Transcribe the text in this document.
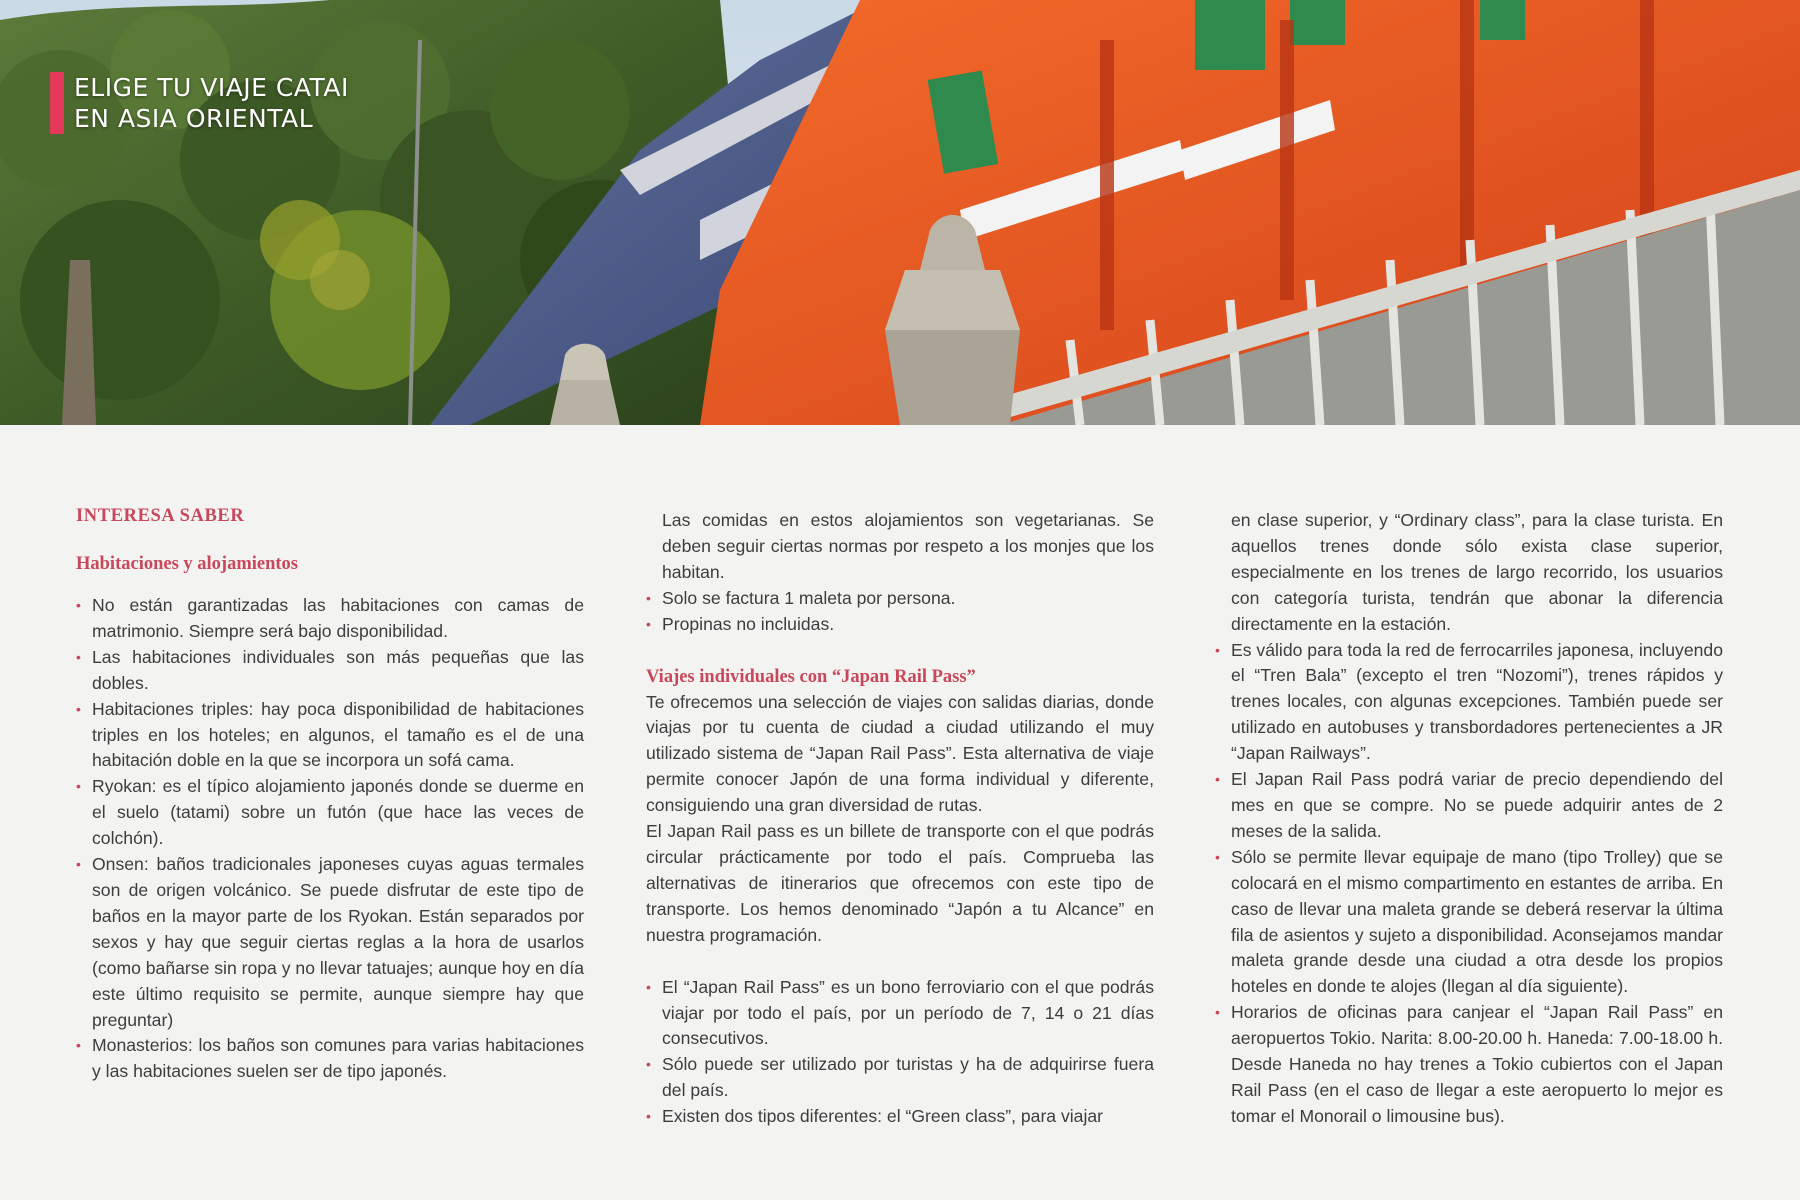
ELIGE TU VIAJE CATAI
EN ASIA ORIENTAL
INTERESA SABER
Habitaciones y alojamientos
• No están garantizadas las habitaciones con camas de matrimonio. Siempre será bajo disponibilidad.
• Las habitaciones individuales son más pequeñas que las dobles.
• Habitaciones triples: hay poca disponibilidad de habitaciones triples en los hoteles; en algunos, el tamaño es el de una habitación doble en la que se incorpora un sofá cama.
• Ryokan: es el típico alojamiento japonés donde se duerme en el suelo (tatami) sobre un futón (que hace las veces de colchón).
• Onsen: baños tradicionales japoneses cuyas aguas termales son de origen volcánico. Se puede disfrutar de este tipo de baños en la mayor parte de los Ryokan. Están separados por sexos y hay que seguir ciertas reglas a la hora de usarlos (como bañarse sin ropa y no llevar tatuajes; aunque hoy en día este último requisito se permite, aunque siempre hay que preguntar)
• Monasterios: los baños son comunes para varias habitaciones y las habitaciones suelen ser de tipo japonés.

Las comidas en estos alojamientos son vegetarianas. Se deben seguir ciertas normas por respeto a los monjes que los habitan.

• Solo se factura 1 maleta por persona.
• Propinas no incluidas.
Viajes individuales con “Japan Rail Pass”

Te ofrecemos una selección de viajes con salidas diarias, donde viajas por tu cuenta de ciudad a ciudad utilizando el muy utilizado sistema de “Japan Rail Pass”. Esta alternativa de viaje permite conocer Japón de una forma individual y diferente, consiguiendo una gran diversidad de rutas.

El Japan Rail pass es un billete de transporte con el que podrás circular prácticamente por todo el país. Comprueba las alternativas de itinerarios que ofrecemos con este tipo de transporte. Los hemos denominado “Japón a tu Alcance” en nuestra programación.

• El “Japan Rail Pass” es un bono ferroviario con el que podrás viajar por todo el país, por un período de 7, 14 o 21 días consecutivos.
• Sólo puede ser utilizado por turistas y ha de adquirirse fuera del país.
• Existen dos tipos diferentes: el “Green class”, para viajar

en clase superior, y “Ordinary class”, para la clase turista. En aquellos trenes donde sólo exista clase superior, especialmente en los trenes de largo recorrido, los usuarios con categoría turista, tendrán que abonar la diferencia directamente en la estación.

• Es válido para toda la red de ferrocarriles japonesa, incluyendo el “Tren Bala” (excepto el tren “Nozomi”), trenes rápidos y trenes locales, con algunas excepciones. También puede ser utilizado en autobuses y transbordadores pertenecientes a JR “Japan Railways”.
• El Japan Rail Pass podrá variar de precio dependiendo del mes en que se compre. No se puede adquirir antes de 2 meses de la salida.
• Sólo se permite llevar equipaje de mano (tipo Trolley) que se colocará en el mismo compartimento en estantes de arriba. En caso de llevar una maleta grande se deberá reservar la última fila de asientos y sujeto a disponibilidad. Aconsejamos mandar maleta grande desde una ciudad a otra desde los propios hoteles en donde te alojes (llegan al día siguiente).
• Horarios de oficinas para canjear el “Japan Rail Pass” en aeropuertos Tokio. Narita: 8.00-20.00 h. Haneda: 7.00-18.00 h. Desde Haneda no hay trenes a Tokio cubiertos con el Japan Rail Pass (en el caso de llegar a este aeropuerto lo mejor es tomar el Monorail o limousine bus).
